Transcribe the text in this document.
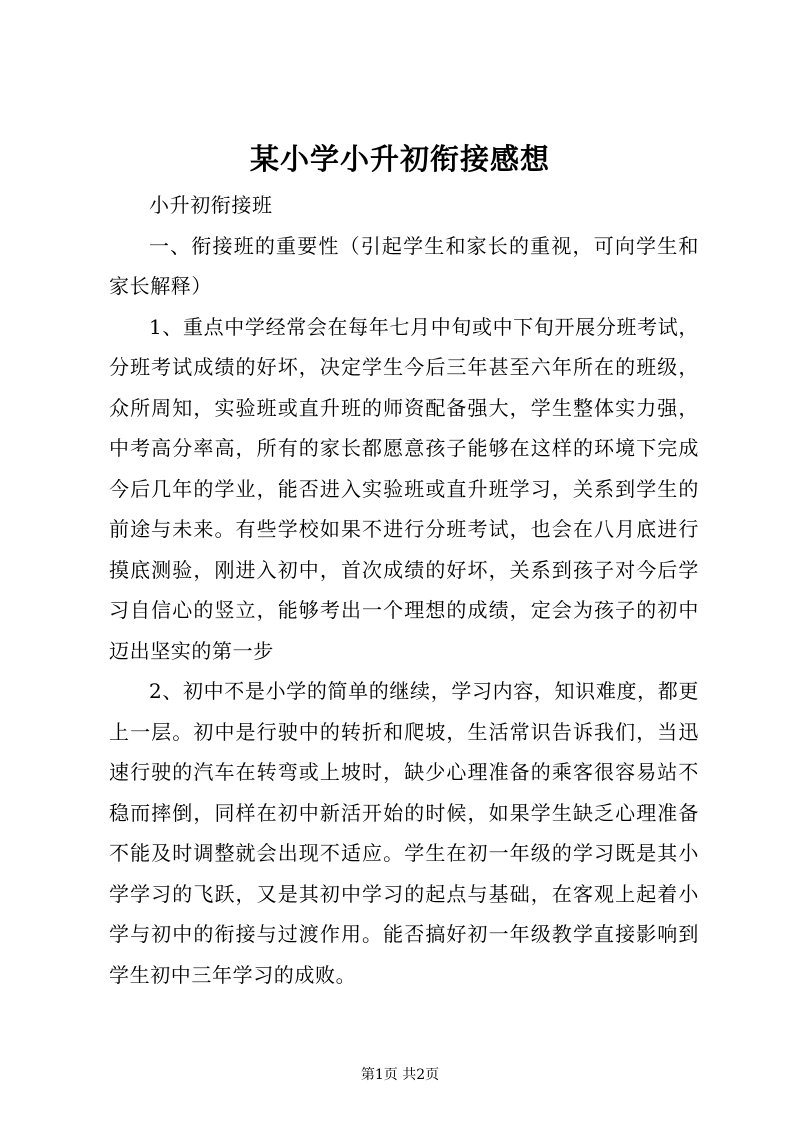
某小学小升初衔接感想

小升初衔接班

一、衔接班的重要性（引起学生和家长的重视，可向学生和家长解释）

1、重点中学经常会在每年七月中旬或中下旬开展分班考试，分班考试成绩的好坏，决定学生今后三年甚至六年所在的班级，众所周知，实验班或直升班的师资配备强大，学生整体实力强，中考高分率高，所有的家长都愿意孩子能够在这样的环境下完成今后几年的学业，能否进入实验班或直升班学习，关系到学生的前途与未来。有些学校如果不进行分班考试，也会在八月底进行摸底测验，刚进入初中，首次成绩的好坏，关系到孩子对今后学习自信心的竖立，能够考出一个理想的成绩，定会为孩子的初中迈出坚实的第一步

2、初中不是小学的简单的继续，学习内容，知识难度，都更上一层。初中是行驶中的转折和爬坡，生活常识告诉我们，当迅速行驶的汽车在转弯或上坡时，缺少心理准备的乘客很容易站不稳而摔倒，同样在初中新活开始的时候，如果学生缺乏心理准备不能及时调整就会出现不适应。学生在初一年级的学习既是其小学学习的飞跃，又是其初中学习的起点与基础，在客观上起着小学与初中的衔接与过渡作用。能否搞好初一年级教学直接影响到学生初中三年学习的成败。

第1页 共2页
